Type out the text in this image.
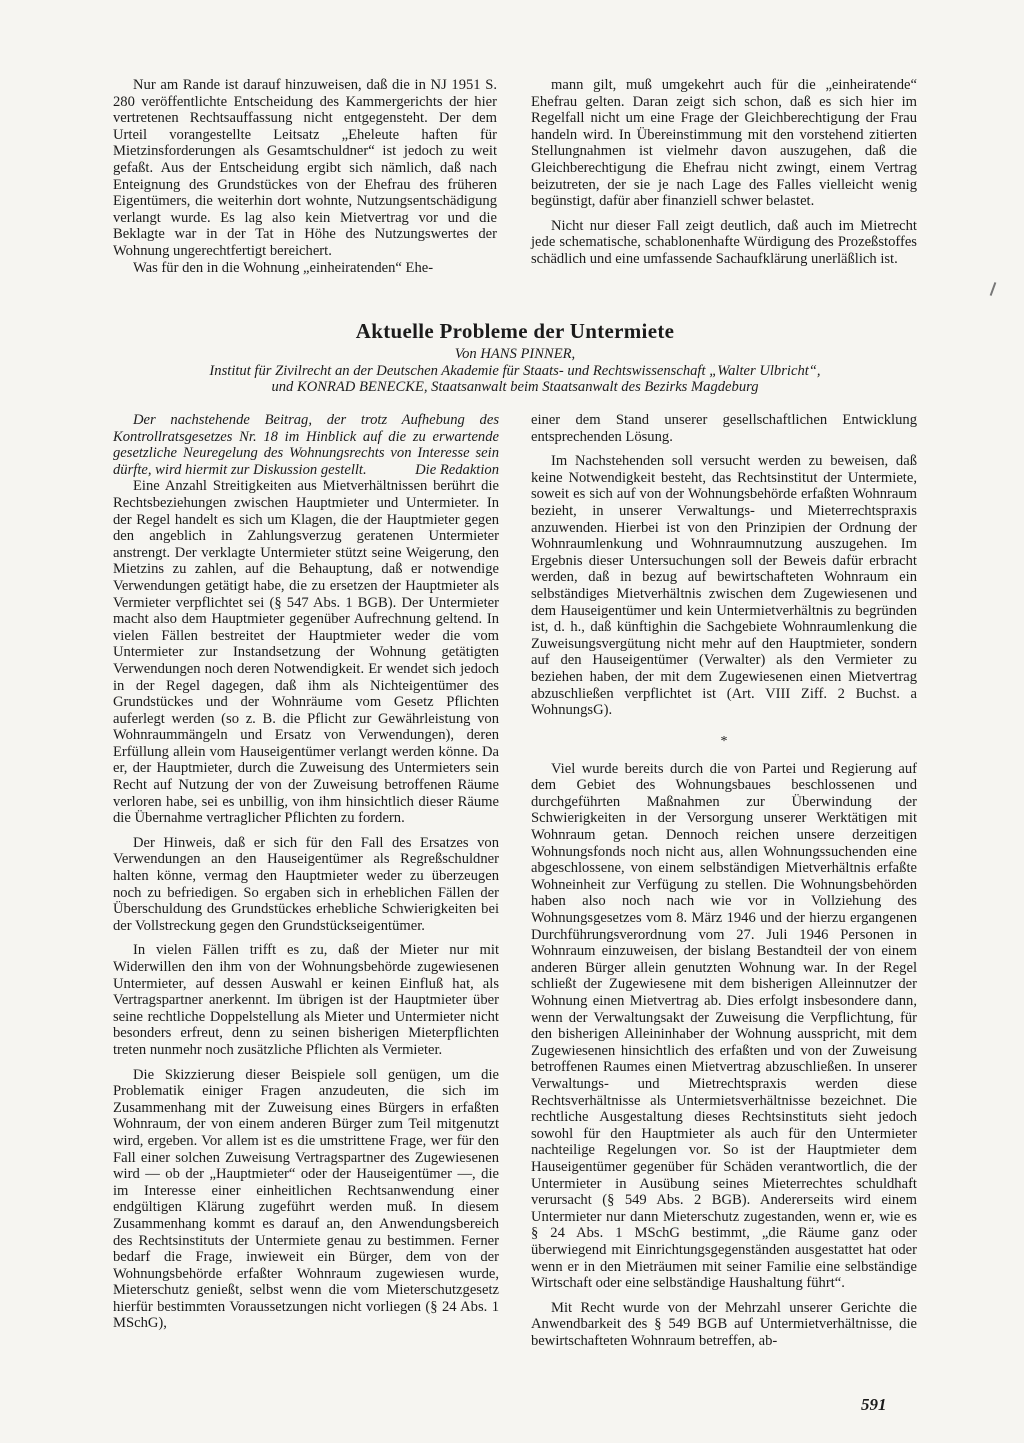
Nur am Rande ist darauf hinzuweisen, daß die in NJ 1951 S. 280 veröffentlichte Entscheidung des Kammergerichts der hier vertretenen Rechtsauffassung nicht entgegensteht. Der dem Urteil vorangestellte Leitsatz „Eheleute haften für Mietzinsforderungen als Gesamtschuldner“ ist jedoch zu weit gefaßt. Aus der Entscheidung ergibt sich nämlich, daß nach Enteignung des Grundstückes von der Ehefrau des früheren Eigentümers, die weiterhin dort wohnte, Nutzungsentschädigung verlangt wurde. Es lag also kein Mietvertrag vor und die Beklagte war in der Tat in Höhe des Nutzungswertes der Wohnung ungerechtfertigt bereichert.

Was für den in die Wohnung „einheiratenden“ Ehe-

mann gilt, muß umgekehrt auch für die „einheiratende“ Ehefrau gelten. Daran zeigt sich schon, daß es sich hier im Regelfall nicht um eine Frage der Gleichberechtigung der Frau handeln wird. In Übereinstimmung mit den vorstehend zitierten Stellungnahmen ist vielmehr davon auszugehen, daß die Gleichberechtigung die Ehefrau nicht zwingt, einem Vertrag beizutreten, der sie je nach Lage des Falles vielleicht wenig begünstigt, dafür aber finanziell schwer belastet.

Nicht nur dieser Fall zeigt deutlich, daß auch im Mietrecht jede schematische, schablonenhafte Würdigung des Prozeßstoffes schädlich und eine umfassende Sachaufklärung unerläßlich ist.

Aktuelle Probleme der Untermiete
Von HANS PINNER,
Institut für Zivilrecht an der Deutschen Akademie für Staats- und Rechtswissenschaft „Walter Ulbricht“,
und KONRAD BENECKE, Staatsanwalt beim Staatsanwalt des Bezirks Magdeburg

Der nachstehende Beitrag, der trotz Aufhebung des Kontrollratsgesetzes Nr. 18 im Hinblick auf die zu erwartende gesetzliche Neuregelung des Wohnungsrechts von Interesse sein dürfte, wird hiermit zur Diskussion gestellt.	Die Redaktion

Eine Anzahl Streitigkeiten aus Mietverhältnissen berührt die Rechtsbeziehungen zwischen Hauptmieter und Untermieter. In der Regel handelt es sich um Klagen, die der Hauptmieter gegen den angeblich in Zahlungsverzug geratenen Untermieter anstrengt. Der verklagte Untermieter stützt seine Weigerung, den Mietzins zu zahlen, auf die Behauptung, daß er notwendige Verwendungen getätigt habe, die zu ersetzen der Hauptmieter als Vermieter verpflichtet sei (§ 547 Abs. 1 BGB). Der Untermieter macht also dem Hauptmieter gegenüber Aufrechnung geltend. In vielen Fällen bestreitet der Hauptmieter weder die vom Untermieter zur Instandsetzung der Wohnung getätigten Verwendungen noch deren Notwendigkeit. Er wendet sich jedoch in der Regel dagegen, daß ihm als Nichteigentümer des Grundstückes und der Wohnräume vom Gesetz Pflichten auferlegt werden (so z. B. die Pflicht zur Gewährleistung von Wohnraummängeln und Ersatz von Verwendungen), deren Erfüllung allein vom Hauseigentümer verlangt werden könne. Da er, der Hauptmieter, durch die Zuweisung des Untermieters sein Recht auf Nutzung der von der Zuweisung betroffenen Räume verloren habe, sei es unbillig, von ihm hinsichtlich dieser Räume die Übernahme vertraglicher Pflichten zu fordern.

Der Hinweis, daß er sich für den Fall des Ersatzes von Verwendungen an den Hauseigentümer als Regreßschuldner halten könne, vermag den Hauptmieter weder zu überzeugen noch zu befriedigen. So ergaben sich in erheblichen Fällen der Überschuldung des Grundstückes erhebliche Schwierigkeiten bei der Vollstreckung gegen den Grundstückseigentümer.

In vielen Fällen trifft es zu, daß der Mieter nur mit Widerwillen den ihm von der Wohnungsbehörde zugewiesenen Untermieter, auf dessen Auswahl er keinen Einfluß hat, als Vertragspartner anerkennt. Im übrigen ist der Hauptmieter über seine rechtliche Doppelstellung als Mieter und Untermieter nicht besonders erfreut, denn zu seinen bisherigen Mieterpflichten treten nunmehr noch zusätzliche Pflichten als Vermieter.

Die Skizzierung dieser Beispiele soll genügen, um die Problematik einiger Fragen anzudeuten, die sich im Zusammenhang mit der Zuweisung eines Bürgers in erfaßten Wohnraum, der von einem anderen Bürger zum Teil mitgenutzt wird, ergeben. Vor allem ist es die umstrittene Frage, wer für den Fall einer solchen Zuweisung Vertragspartner des Zugewiesenen wird — ob der „Hauptmieter“ oder der Hauseigentümer —, die im Interesse einer einheitlichen Rechtsanwendung einer endgültigen Klärung zugeführt werden muß. In diesem Zusammenhang kommt es darauf an, den Anwendungsbereich des Rechtsinstituts der Untermiete genau zu bestimmen. Ferner bedarf die Frage, inwieweit ein Bürger, dem von der Wohnungsbehörde erfaßter Wohnraum zugewiesen wurde, Mieterschutz genießt, selbst wenn die vom Mieterschutzgesetz hierfür bestimmten Voraussetzungen nicht vorliegen (§ 24 Abs. 1 MSchG),

einer dem Stand unserer gesellschaftlichen Entwicklung entsprechenden Lösung.

Im Nachstehenden soll versucht werden zu beweisen, daß keine Notwendigkeit besteht, das Rechtsinstitut der Untermiete, soweit es sich auf von der Wohnungsbehörde erfaßten Wohnraum bezieht, in unserer Verwaltungs- und Mieterrechtspraxis anzuwenden. Hierbei ist von den Prinzipien der Ordnung der Wohnraumlenkung und Wohnraumnutzung auszugehen. Im Ergebnis dieser Untersuchungen soll der Beweis dafür erbracht werden, daß in bezug auf bewirtschafteten Wohnraum ein selbständiges Mietverhältnis zwischen dem Zugewiesenen und dem Hauseigentümer und kein Untermietverhältnis zu begründen ist, d. h., daß künftighin die Sachgebiete Wohnraumlenkung die Zuweisungsvergütung nicht mehr auf den Hauptmieter, sondern auf den Hauseigentümer (Verwalter) als den Vermieter zu beziehen haben, der mit dem Zugewiesenen einen Mietvertrag abzuschließen verpflichtet ist (Art. VIII Ziff. 2 Buchst. a WohnungsG).

*

Viel wurde bereits durch die von Partei und Regierung auf dem Gebiet des Wohnungsbaues beschlossenen und durchgeführten Maßnahmen zur Überwindung der Schwierigkeiten in der Versorgung unserer Werktätigen mit Wohnraum getan. Dennoch reichen unsere derzeitigen Wohnungsfonds noch nicht aus, allen Wohnungssuchenden eine abgeschlossene, von einem selbständigen Mietverhältnis erfaßte Wohneinheit zur Verfügung zu stellen. Die Wohnungsbehörden haben also noch nach wie vor in Vollziehung des Wohnungsgesetzes vom 8. März 1946 und der hierzu ergangenen Durchführungsverordnung vom 27. Juli 1946 Personen in Wohnraum einzuweisen, der bislang Bestandteil der von einem anderen Bürger allein genutzten Wohnung war. In der Regel schließt der Zugewiesene mit dem bisherigen Alleinnutzer der Wohnung einen Mietvertrag ab. Dies erfolgt insbesondere dann, wenn der Verwaltungsakt der Zuweisung die Verpflichtung, für den bisherigen Alleininhaber der Wohnung ausspricht, mit dem Zugewiesenen hinsichtlich des erfaßten und von der Zuweisung betroffenen Raumes einen Mietvertrag abzuschließen. In unserer Verwaltungs- und Mietrechtspraxis werden diese Rechtsverhältnisse als Untermietsverhältnisse bezeichnet. Die rechtliche Ausgestaltung dieses Rechtsinstituts sieht jedoch sowohl für den Hauptmieter als auch für den Untermieter nachteilige Regelungen vor. So ist der Hauptmieter dem Hauseigentümer gegenüber für Schäden verantwortlich, die der Untermieter in Ausübung seines Mieterrechtes schuldhaft verursacht (§ 549 Abs. 2 BGB). Andererseits wird einem Untermieter nur dann Mieterschutz zugestanden, wenn er, wie es § 24 Abs. 1 MSchG bestimmt, „die Räume ganz oder überwiegend mit Einrichtungsgegenständen ausgestattet hat oder wenn er in den Mieträumen mit seiner Familie eine selbständige Wirtschaft oder eine selbständige Haushaltung führt“.

Mit Recht wurde von der Mehrzahl unserer Gerichte die Anwendbarkeit des § 549 BGB auf Untermietverhältnisse, die bewirtschafteten Wohnraum betreffen, ab-

591
